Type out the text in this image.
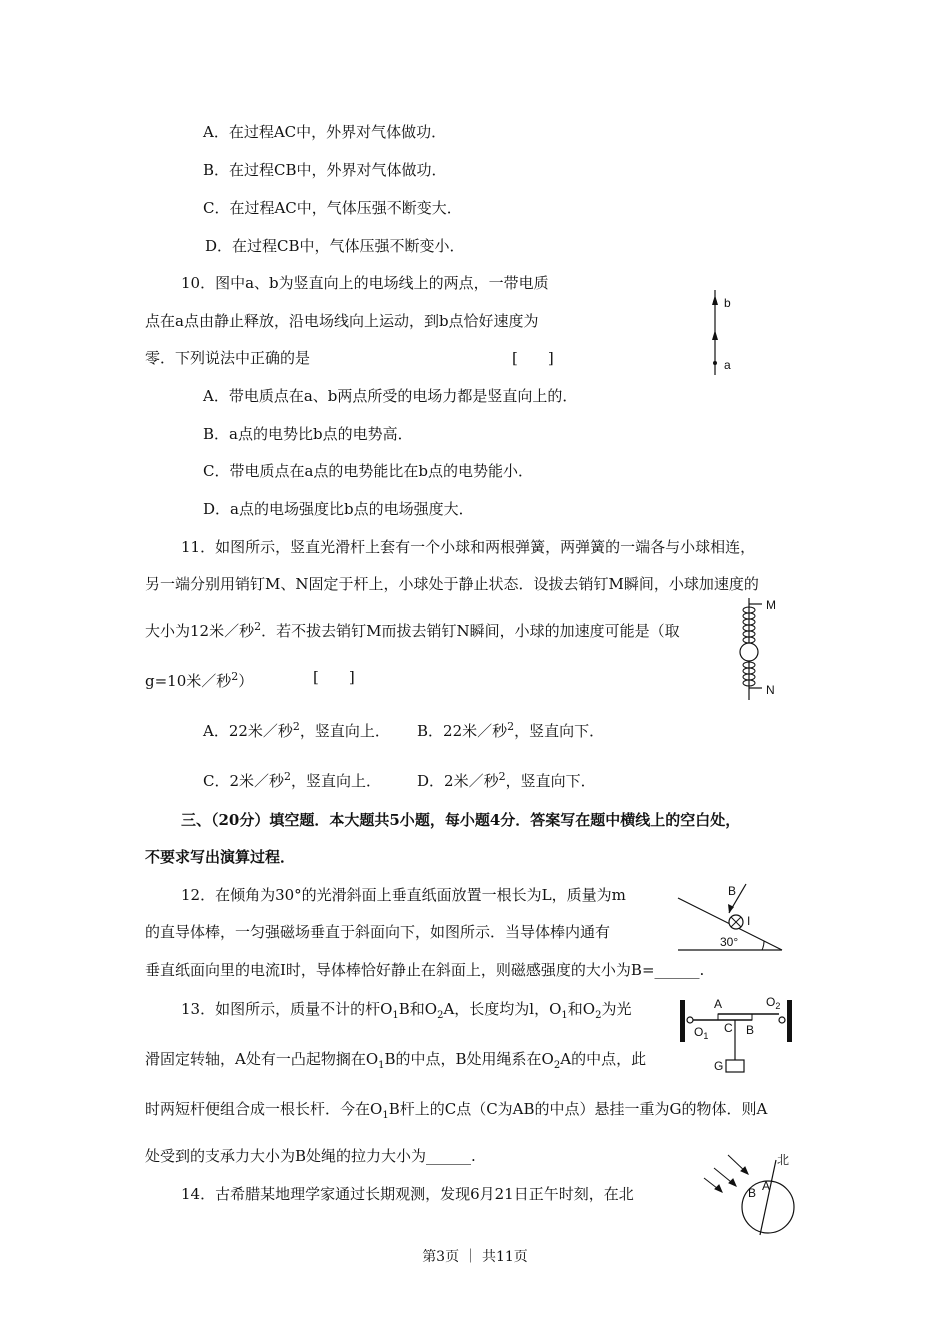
A．在过程AC中，外界对气体做功．
B．在过程CB中，外界对气体做功．
C．在过程AC中，气体压强不断变大．
D．在过程CB中，气体压强不断变小．
10．图中a、b为竖直向上的电场线上的两点，一带电质
点在a点由静止释放，沿电场线向上运动，到b点恰好速度为
零．下列说法中正确的是	[　　]
b
a
A．带电质点在a、b两点所受的电场力都是竖直向上的．
B．a点的电势比b点的电势高．
C．带电质点在a点的电势能比在b点的电势能小．
D．a点的电场强度比b点的电场强度大．
11．如图所示，竖直光滑杆上套有一个小球和两根弹簧，两弹簧的一端各与小球相连，
另一端分别用销钉M、N固定于杆上，小球处于静止状态．设拔去销钉M瞬间，小球加速度的
大小为12米／秒$^2$．若不拔去销钉M而拔去销钉N瞬间，小球的加速度可能是（取
g=10米／秒$^2$）	[　　]
M
N
A．22米／秒$^2$，竖直向上． B．22米／秒$^2$，竖直向下．
C．2米／秒$^2$，竖直向上． D．2米／秒$^2$，竖直向下．
三、（20分）填空题．本大题共5小题，每小题4分．答案写在题中横线上的空白处，
不要求写出演算过程．
12．在倾角为30°的光滑斜面上垂直纸面放置一根长为L，质量为m
的直导体棒，一匀强磁场垂直于斜面向下，如图所示．当导体棒内通有
垂直纸面向里的电流I时，导体棒恰好静止在斜面上，则磁感强度的大小为B=______.
B
I
30°
13．如图所示，质量不计的杆$O_1B$和$O_2A$，长度均为l，$O_1$和$O_2$为光
滑固定转轴，A处有一凸起物搁在$O_1B$的中点，B处用绳系在$O_2A$的中点，此
时两短杆便组合成一根长杆．今在$O_1B$杆上的C点（C为AB的中点）悬挂一重为G的物体．则A
处受到的支承力大小为B处绳的拉力大小为______.
A	$O_2$
$O_1$
C B
G
14．古希腊某地理学家通过长期观测，发现6月21日正午时刻，在北
北
B A
第3页 ｜ 共11页
